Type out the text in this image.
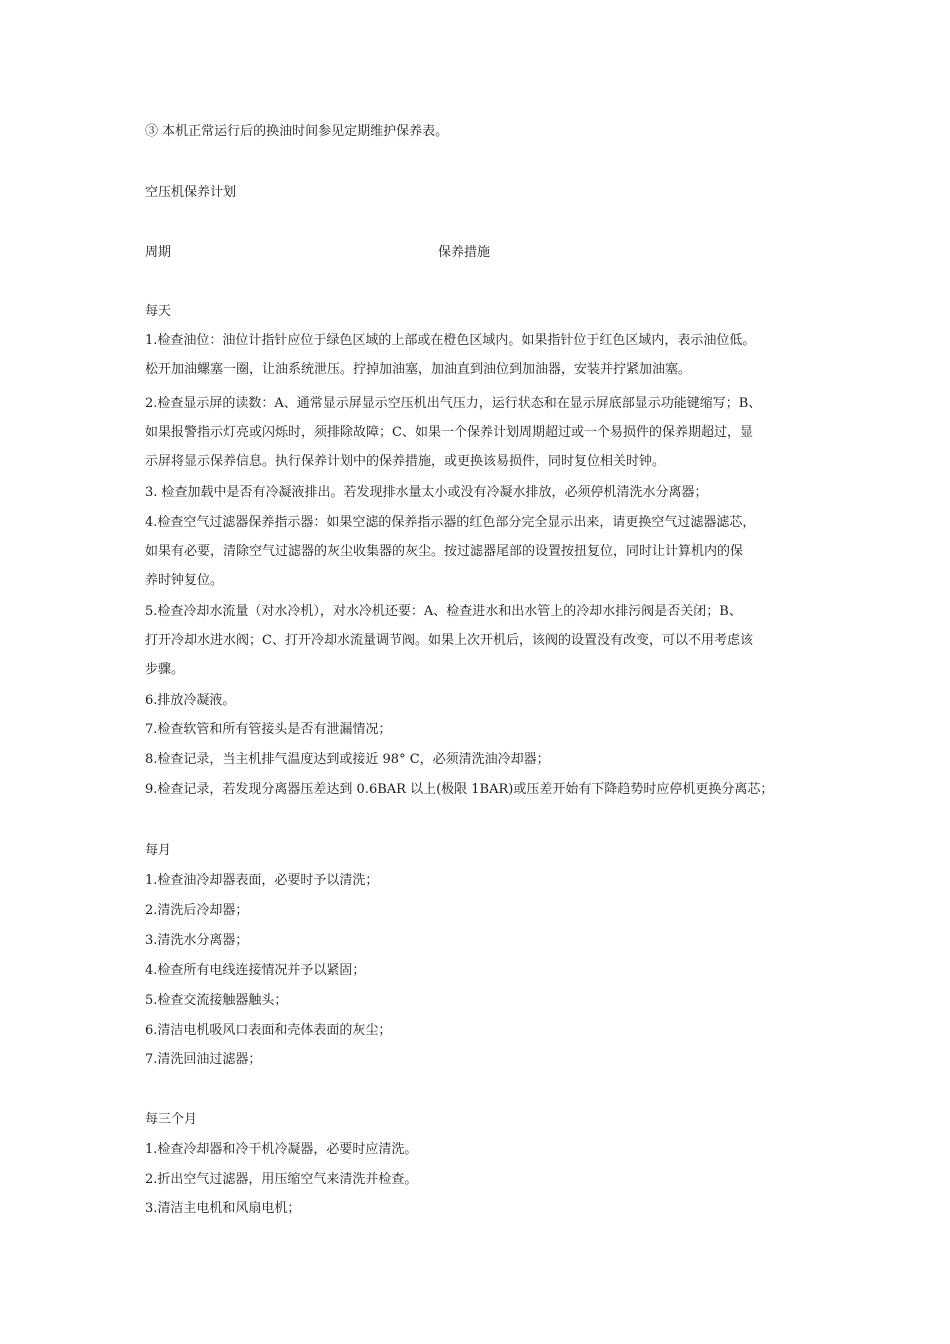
③ 本机正常运行后的换油时间参见定期维护保养表。
空压机保养计划
周期	保养措施
每天
1.检查油位：油位计指针应位于绿色区域的上部或在橙色区域内。如果指针位于红色区域内，表示油位低。
松开加油螺塞一圈，让油系统泄压。拧掉加油塞，加油直到油位到加油器，安装并拧紧加油塞。
2.检查显示屏的读数：A、通常显示屏显示空压机出气压力，运行状态和在显示屏底部显示功能键缩写；B、
如果报警指示灯亮或闪烁时，须排除故障；C、如果一个保养计划周期超过或一个易损件的保养期超过，显
示屏将显示保养信息。执行保养计划中的保养措施，或更换该易损件，同时复位相关时钟。
3. 检查加载中是否有冷凝液排出。若发现排水量太小或没有冷凝水排放，必须停机清洗水分离器；
4.检查空气过滤器保养指示器：如果空滤的保养指示器的红色部分完全显示出来，请更换空气过滤器滤芯，
如果有必要，清除空气过滤器的灰尘收集器的灰尘。按过滤器尾部的设置按扭复位，同时让计算机内的保
养时钟复位。
5.检查冷却水流量（对水冷机），对水冷机还要：A、检查进水和出水管上的冷却水排污阀是否关闭；B、
打开冷却水进水阀；C、打开冷却水流量调节阀。如果上次开机后，该阀的设置没有改变，可以不用考虑该
步骤。
6.排放冷凝液。
7.检查软管和所有管接头是否有泄漏情况；
8.检查记录，当主机排气温度达到或接近 98° C，必须清洗油冷却器；
9.检查记录，若发现分离器压差达到 0.6BAR 以上(极限 1BAR)或压差开始有下降趋势时应停机更换分离芯；
每月
1.检查油冷却器表面，必要时予以清洗；
2.清洗后冷却器；
3.清洗水分离器；
4.检查所有电线连接情况并予以紧固；
5.检查交流接触器触头；
6.清洁电机吸风口表面和壳体表面的灰尘；
7.清洗回油过滤器；
每三个月
1.检查冷却器和冷干机冷凝器，必要时应清洗。
2.折出空气过滤器，用压缩空气来清洗并检查。
3.清洁主电机和风扇电机；
